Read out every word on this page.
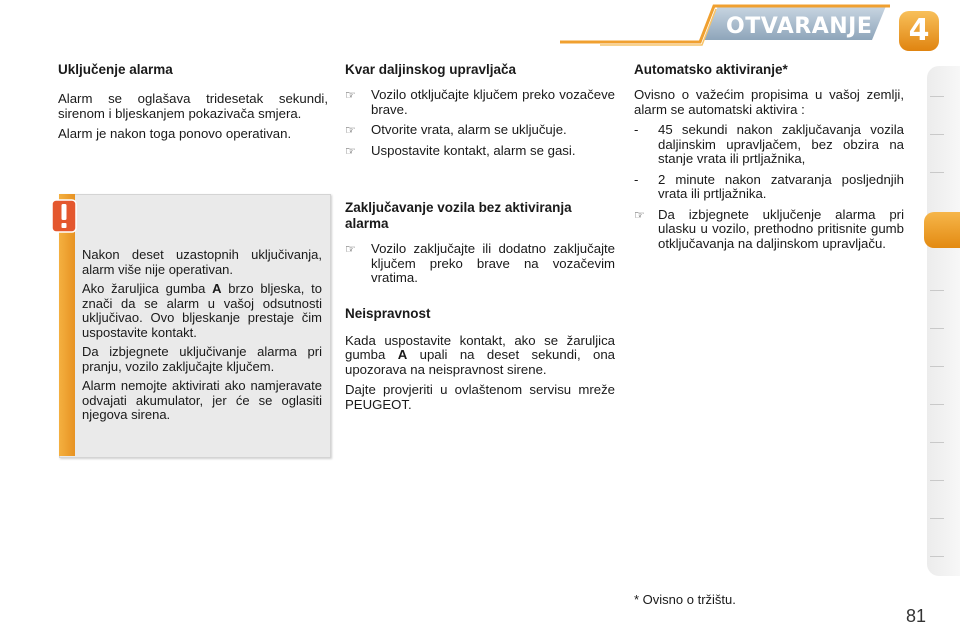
OTVARANJE	4
Uključenje alarma

Alarm se oglašava tridesetak sekundi, sirenom i bljeskanjem pokazivača smjera.

Alarm je nakon toga ponovo operativan.

Nakon deset uzastopnih uključivanja, alarm više nije operativan.

Ako žaruljica gumba A brzo bljeska, to znači da se alarm u vašoj odsutnosti uključivao. Ovo bljeskanje prestaje čim uspostavite kontakt.

Da izbjegnete uključivanje alarma pri pranju, vozilo zaključajte ključem.

Alarm nemojte aktivirati ako namjeravate odvajati akumulator, jer će se oglasiti njegova sirena.

Kvar daljinskog upravljača
☞ Vozilo otključajte ključem preko vozačeve brave.
☞ Otvorite vrata, alarm se uključuje.
☞ Uspostavite kontakt, alarm se gasi.
Zaključavanje vozila bez aktiviranja alarma
☞ Vozilo zaključajte ili dodatno zaključajte ključem preko brave na vozačevim vratima.
Neispravnost

Kada uspostavite kontakt, ako se žaruljica gumba A upali na deset sekundi, ona upozorava na neispravnost sirene.

Dajte provjeriti u ovlaštenom servisu mreže PEUGEOT.

Automatsko aktiviranje*

Ovisno o važećim propisima u vašoj zemlji, alarm se automatski aktivira :

- 45 sekundi nakon zaključavanja vozila daljinskim upravljačem, bez obzira na stanje vrata ili prtljažnika,
- 2 minute nakon zatvaranja posljednjih vrata ili prtljažnika.
☞ Da izbjegnete uključenje alarma pri ulasku u vozilo, prethodno pritisnite gumb otključavanja na daljinskom upravljaču.
* Ovisno o tržištu.
81
